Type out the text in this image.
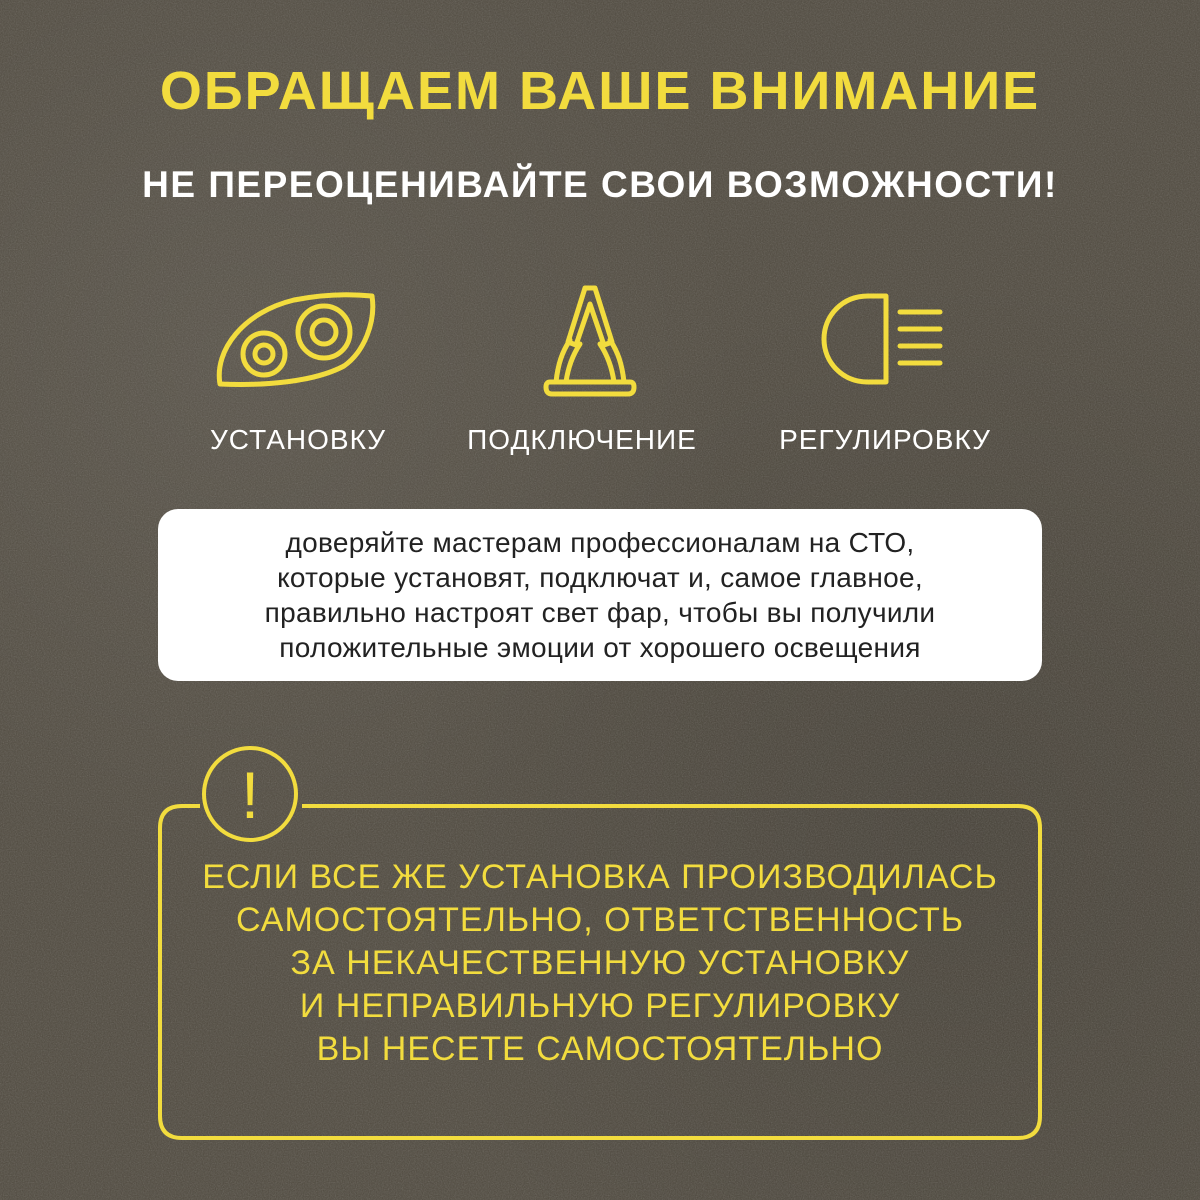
ОБРАЩАЕМ ВАШЕ ВНИМАНИЕ
НЕ ПЕРЕОЦЕНИВАЙТЕ СВОИ ВОЗМОЖНОСТИ!
УСТАНОВКУ	ПОДКЛЮЧЕНИЕ	РЕГУЛИРОВКУ
доверяйте мастерам профессионалам на СТО,
которые установят, подключат и, самое главное,
правильно настроят свет фар, чтобы вы получили
положительные эмоции от хорошего освещения
!
ЕСЛИ ВСЕ ЖЕ УСТАНОВКА ПРОИЗВОДИЛАСЬ
САМОСТОЯТЕЛЬНО, ОТВЕТСТВЕННОСТЬ
ЗА НЕКАЧЕСТВЕННУЮ УСТАНОВКУ
И НЕПРАВИЛЬНУЮ РЕГУЛИРОВКУ
ВЫ НЕСЕТЕ САМОСТОЯТЕЛЬНО
